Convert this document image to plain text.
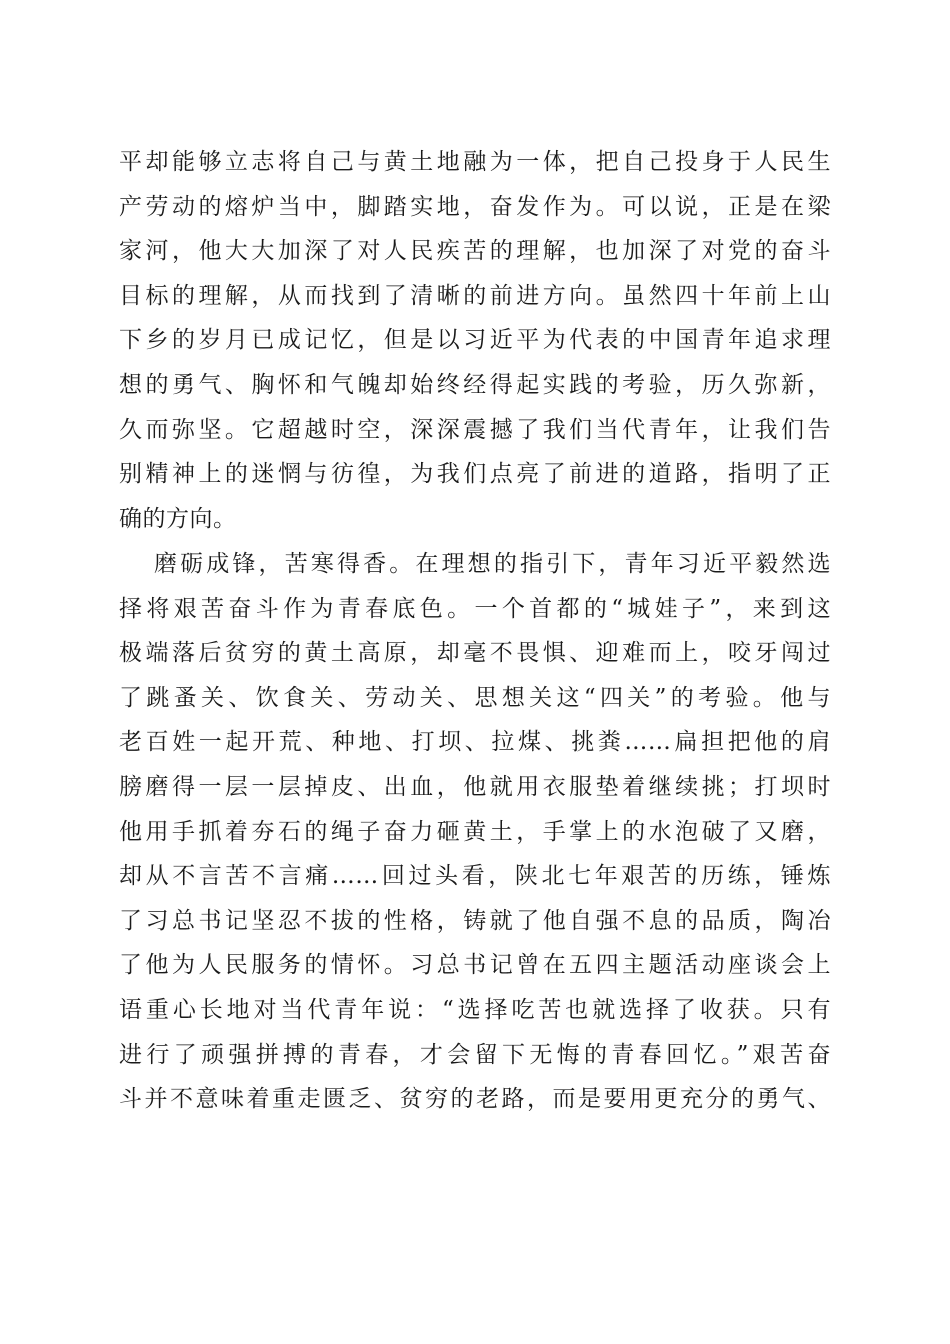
平却能够立志将自己与黄土地融为一体，把自己投身于人民生
产劳动的熔炉当中，脚踏实地，奋发作为。可以说，正是在梁
家河，他大大加深了对人民疾苦的理解，也加深了对党的奋斗
目标的理解，从而找到了清晰的前进方向。虽然四十年前上山
下乡的岁月已成记忆，但是以习近平为代表的中国青年追求理
想的勇气、胸怀和气魄却始终经得起实践的考验，历久弥新，
久而弥坚。它超越时空，深深震撼了我们当代青年，让我们告
别精神上的迷惘与彷徨，为我们点亮了前进的道路，指明了正
确的方向。
磨砺成锋，苦寒得香。在理想的指引下，青年习近平毅然选
择将艰苦奋斗作为青春底色。一个首都的“城娃子”，来到这
极端落后贫穷的黄土高原，却毫不畏惧、迎难而上，咬牙闯过
了跳蚤关、饮食关、劳动关、思想关这“四关”的考验。他与
老百姓一起开荒、种地、打坝、拉煤、挑粪……扁担把他的肩
膀磨得一层一层掉皮、出血，他就用衣服垫着继续挑；打坝时
他用手抓着夯石的绳子奋力砸黄土，手掌上的水泡破了又磨，
却从不言苦不言痛……回过头看，陕北七年艰苦的历练，锤炼
了习总书记坚忍不拔的性格，铸就了他自强不息的品质，陶冶
了他为人民服务的情怀。习总书记曾在五四主题活动座谈会上
语重心长地对当代青年说：“选择吃苦也就选择了收获。只有
进行了顽强拼搏的青春，才会留下无悔的青春回忆。”艰苦奋
斗并不意味着重走匮乏、贫穷的老路，而是要用更充分的勇气、
